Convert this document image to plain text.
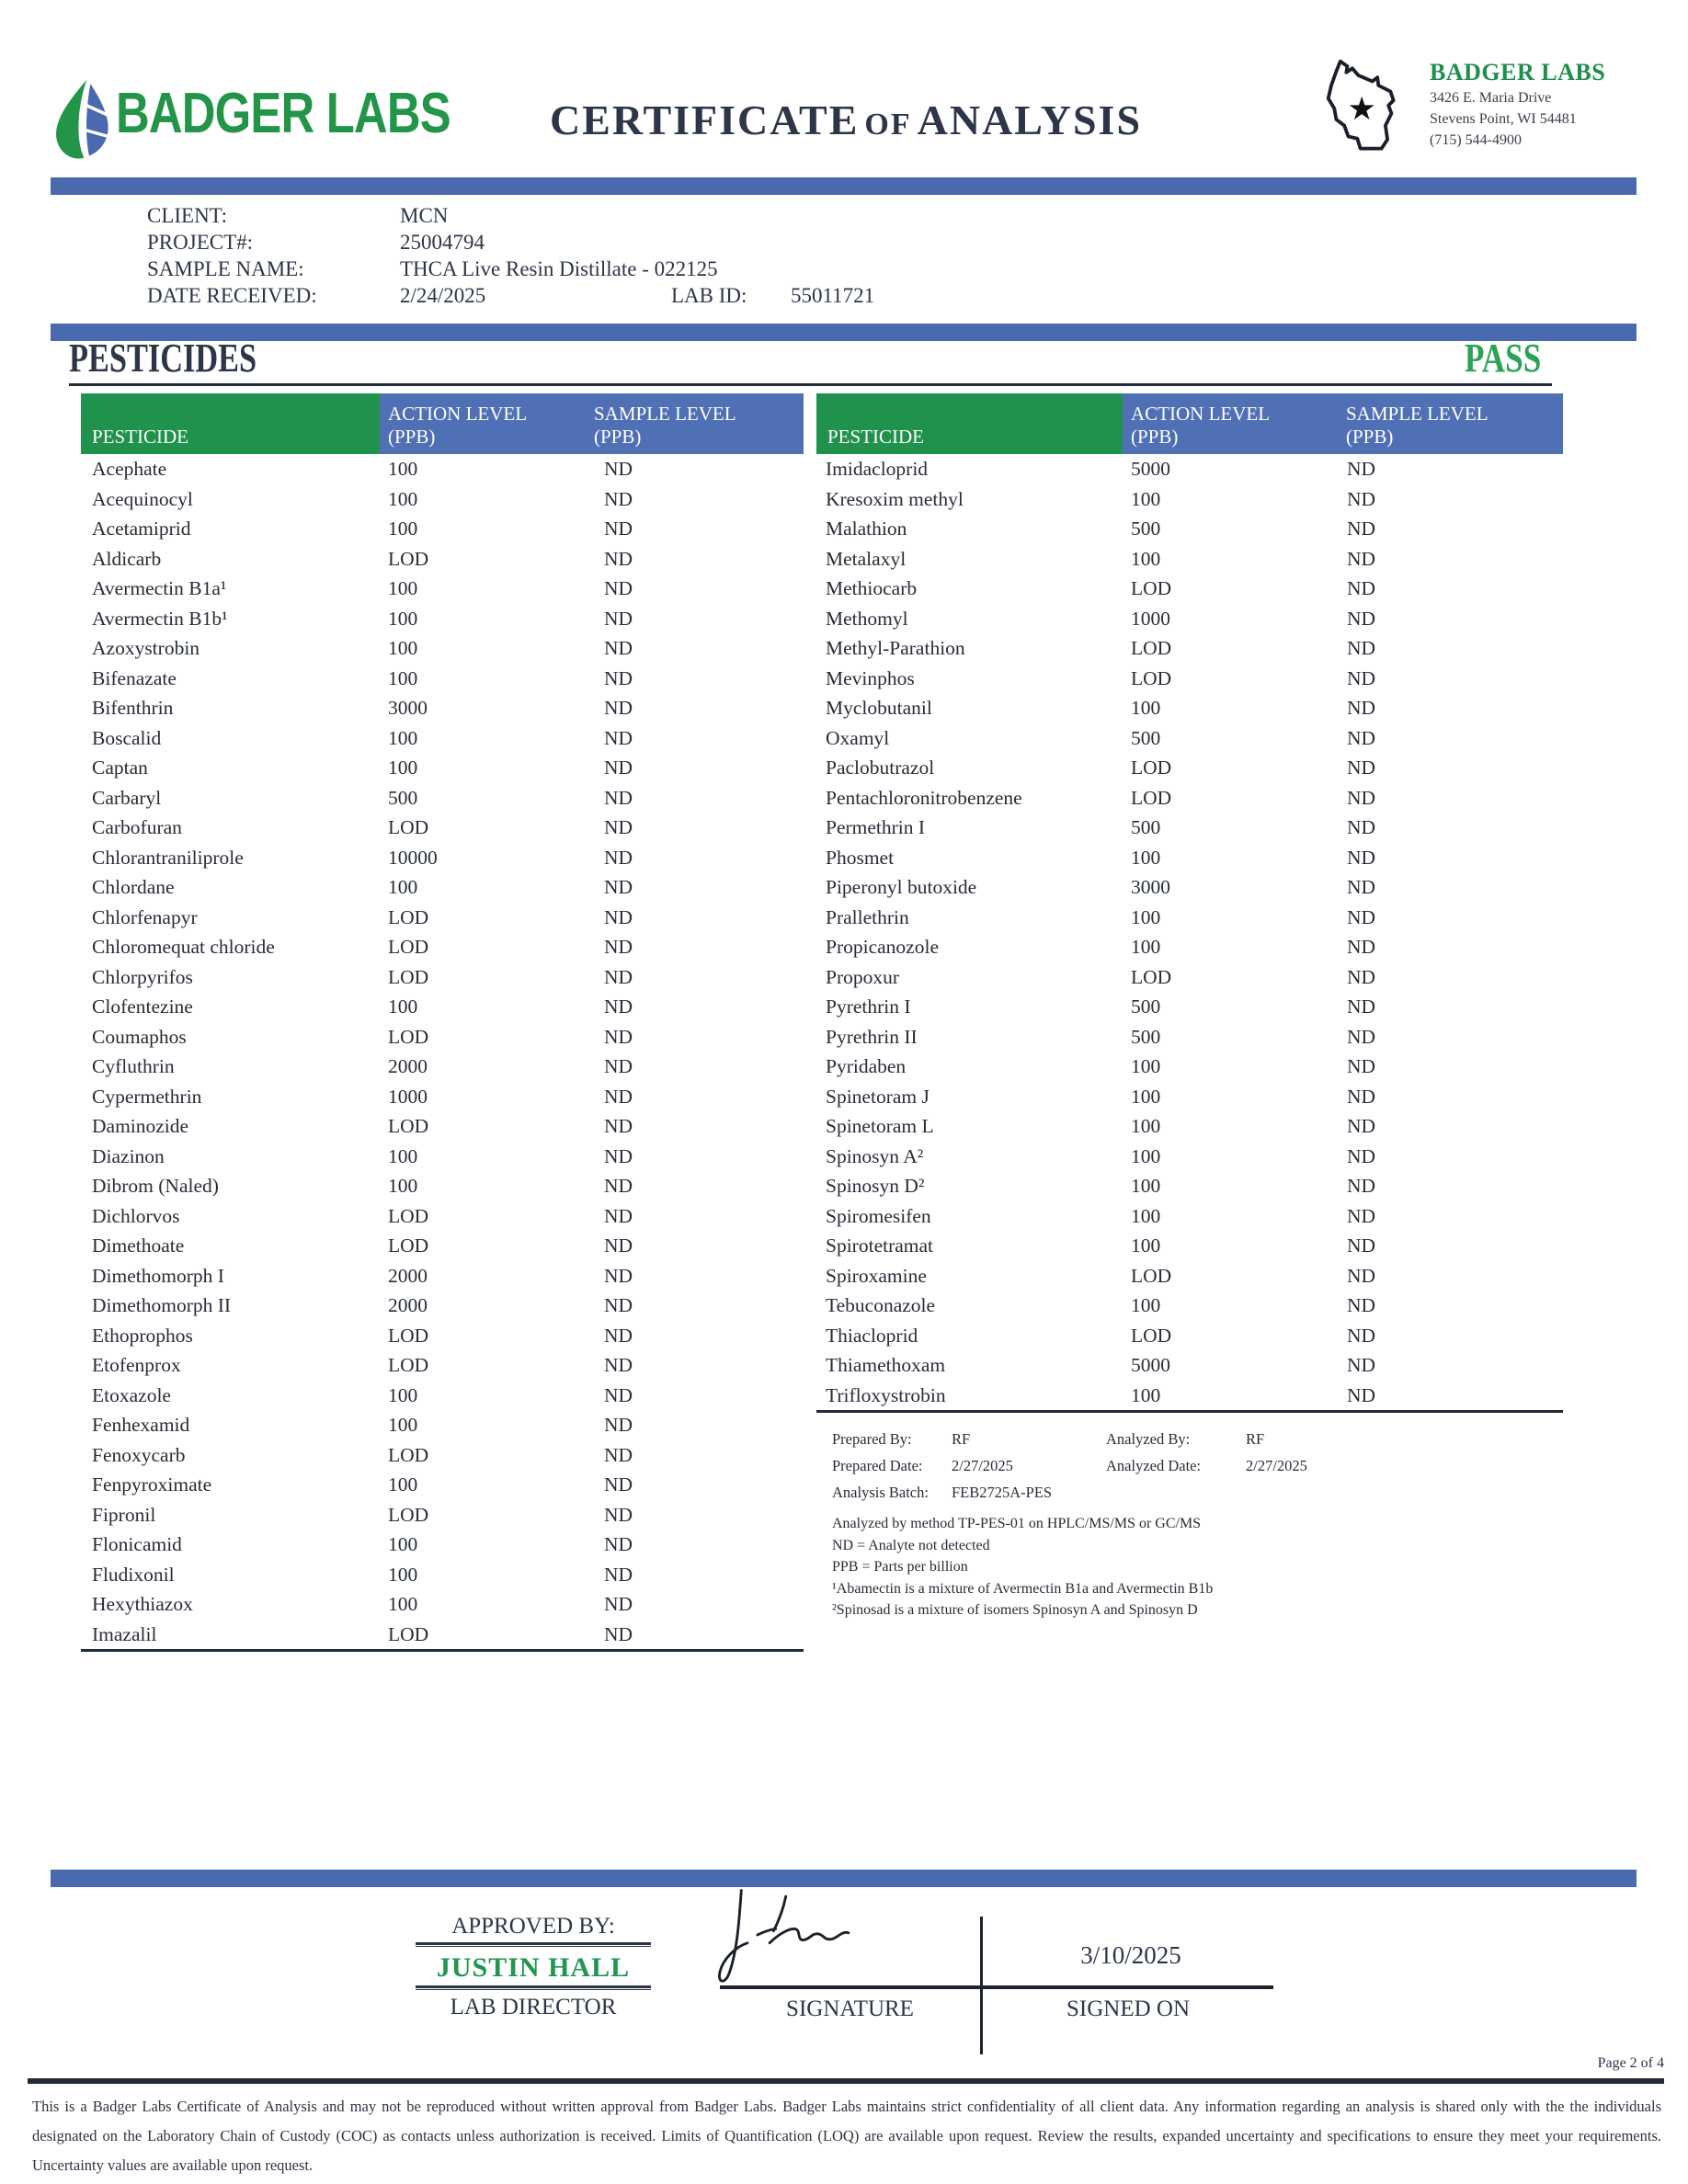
BADGER LABS	CERTIFICATE OF ANALYSIS	★
BADGER LABS
3426 E. Maria Drive
Stevens Point, WI 54481
(715) 544-4900
CLIENT:	MCN
PROJECT#:	25004794
SAMPLE NAME:	THCA Live Resin Distillate - 022125
DATE RECEIVED:	2/24/2025	LAB ID: 55011721
PESTICIDES	PASS
PESTICIDE
ACTION LEVEL
(PPB)
SAMPLE LEVEL
(PPB)
Acephate	100	ND
Acequinocyl	100	ND
Acetamiprid	100	ND
Aldicarb	LOD	ND
Avermectin B1a¹	100	ND
Avermectin B1b¹	100	ND
Azoxystrobin	100	ND
Bifenazate	100	ND
Bifenthrin	3000	ND
Boscalid	100	ND
Captan	100	ND
Carbaryl	500	ND
Carbofuran	LOD	ND
Chlorantraniliprole	10000	ND
Chlordane	100	ND
Chlorfenapyr	LOD	ND
Chloromequat chloride	LOD	ND
Chlorpyrifos	LOD	ND
Clofentezine	100	ND
Coumaphos	LOD	ND
Cyfluthrin	2000	ND
Cypermethrin	1000	ND
Daminozide	LOD	ND
Diazinon	100	ND
Dibrom (Naled)	100	ND
Dichlorvos	LOD	ND
Dimethoate	LOD	ND
Dimethomorph I	2000	ND
Dimethomorph II	2000	ND
Ethoprophos	LOD	ND
Etofenprox	LOD	ND
Etoxazole	100	ND
Fenhexamid	100	ND
Fenoxycarb	LOD	ND
Fenpyroximate	100	ND
Fipronil	LOD	ND
Flonicamid	100	ND
Fludixonil	100	ND
Hexythiazox	100	ND
Imazalil	LOD	ND
PESTICIDE
ACTION LEVEL
(PPB)
SAMPLE LEVEL
(PPB)
Imidacloprid	5000	ND
Kresoxim methyl	100	ND
Malathion	500	ND
Metalaxyl	100	ND
Methiocarb	LOD	ND
Methomyl	1000	ND
Methyl-Parathion	LOD	ND
Mevinphos	LOD	ND
Myclobutanil	100	ND
Oxamyl	500	ND
Paclobutrazol	LOD	ND
Pentachloronitrobenzene	LOD	ND
Permethrin I	500	ND
Phosmet	100	ND
Piperonyl butoxide	3000	ND
Prallethrin	100	ND
Propicanozole	100	ND
Propoxur	LOD	ND
Pyrethrin I	500	ND
Pyrethrin II	500	ND
Pyridaben	100	ND
Spinetoram J	100	ND
Spinetoram L	100	ND
Spinosyn A²	100	ND
Spinosyn D²	100	ND
Spiromesifen	100	ND
Spirotetramat	100	ND
Spiroxamine	LOD	ND
Tebuconazole	100	ND
Thiacloprid	LOD	ND
Thiamethoxam	5000	ND
Trifloxystrobin	100	ND
Prepared By:	RF	Analyzed By:	RF
Prepared Date:	2/27/2025	Analyzed Date:	2/27/2025
Analysis Batch:	FEB2725A-PES
Analyzed by method TP-PES-01 on HPLC/MS/MS or GC/MS
ND = Analyte not detected
PPB = Parts per billion
¹Abamectin is a mixture of Avermectin B1a and Avermectin B1b
²Spinosad is a mixture of isomers Spinosyn A and Spinosyn D
APPROVED BY:
JUSTIN HALL
LAB DIRECTOR
3/10/2025
SIGNATURE	SIGNED ON
Page 2 of 4
This is a Badger Labs Certificate of Analysis and may not be reproduced without written approval from Badger Labs. Badger Labs maintains strict confidentiality of all client data. Any information regarding an analysis is shared only with the the individuals designated on the Laboratory Chain of Custody (COC) as contacts unless authorization is received. Limits of Quantification (LOQ) are available upon request. Review the results, expanded uncertainty and specifications to ensure they meet your requirements. Uncertainty values are available upon request.
